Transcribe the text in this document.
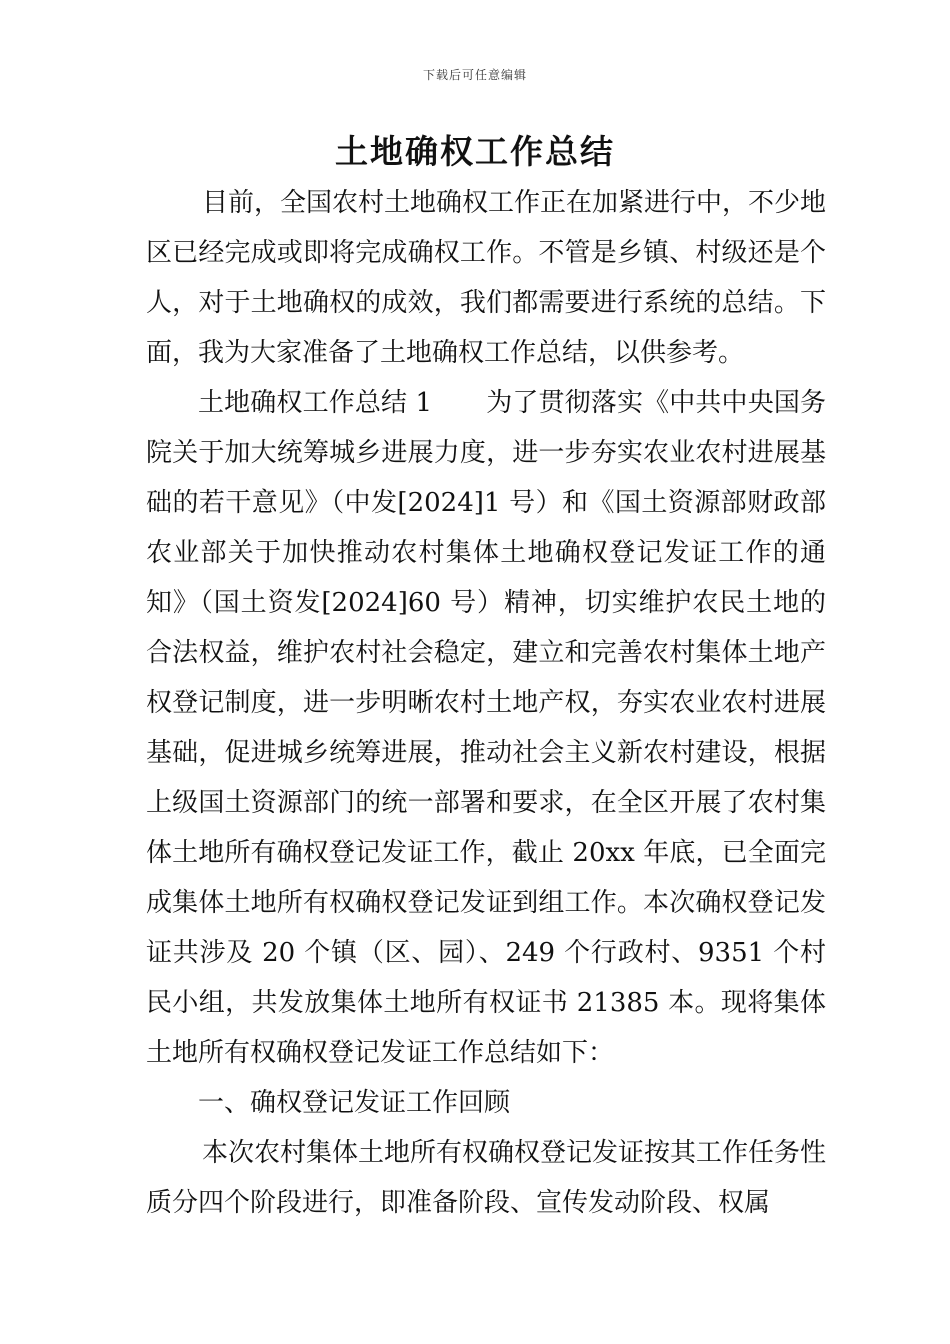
下载后可任意编辑
土地确权工作总结

目前，全国农村土地确权工作正在加紧进行中，不少地区已经完成或即将完成确权工作。不管是乡镇、村级还是个人，对于土地确权的成效，我们都需要进行系统的总结。下面，我为大家准备了土地确权工作总结，以供参考。

土地确权工作总结 1 为了贯彻落实《中共中央国务院关于加大统筹城乡进展力度，进一步夯实农业农村进展基础的若干意见》（中发[2024]1 号）和《国土资源部财政部农业部关于加快推动农村集体土地确权登记发证工作的通知》（国土资发[2024]60 号）精神，切实维护农民土地的合法权益，维护农村社会稳定，建立和完善农村集体土地产权登记制度，进一步明晰农村土地产权，夯实农业农村进展基础，促进城乡统筹进展，推动社会主义新农村建设，根据上级国土资源部门的统一部署和要求，在全区开展了农村集体土地所有确权登记发证工作，截止 20xx 年底，已全面完成集体土地所有权确权登记发证到组工作。本次确权登记发证共涉及 20 个镇（区、园）、249 个行政村、9351 个村民小组，共发放集体土地所有权证书 21385 本。现将集体土地所有权确权登记发证工作总结如下：

一、确权登记发证工作回顾

本次农村集体土地所有权确权登记发证按其工作任务性质分四个阶段进行，即准备阶段、宣传发动阶段、权属
